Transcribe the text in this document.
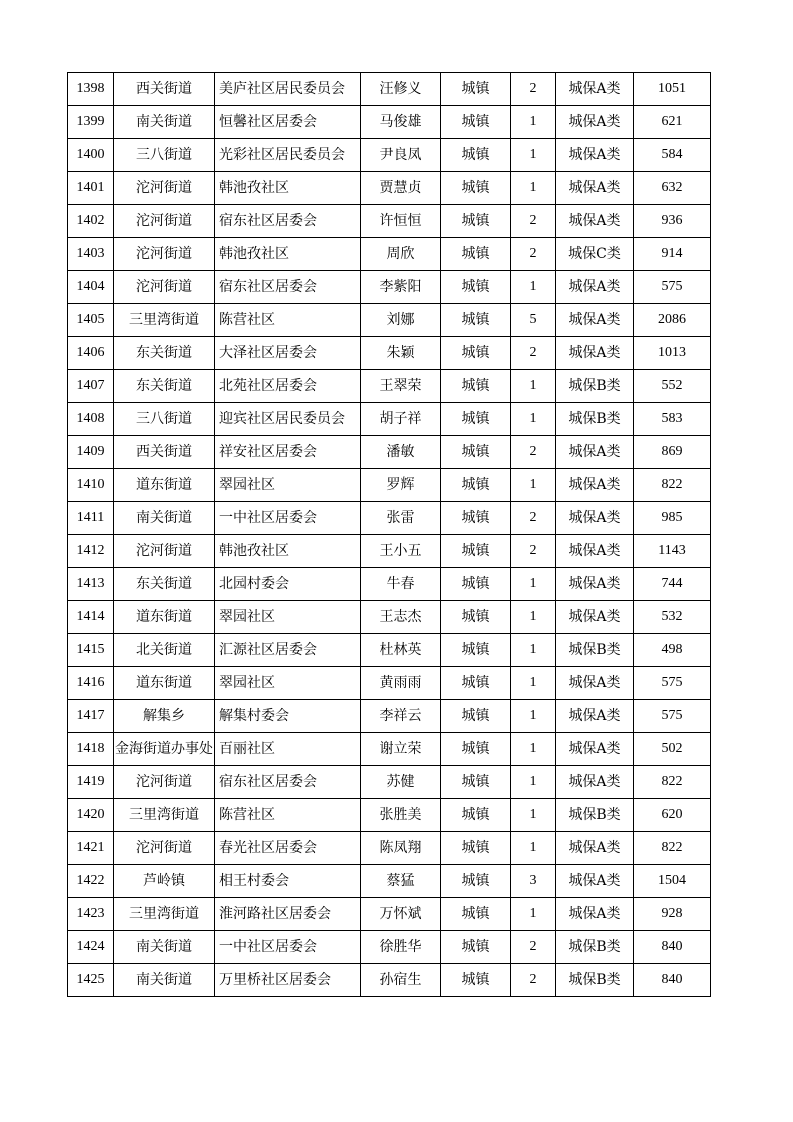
1398	西关街道	美庐社区居民委员会	汪修义	城镇	2	城保A类	1051
1399	南关街道	恒馨社区居委会	马俊雄	城镇	1	城保A类	621
1400	三八街道	光彩社区居民委员会	尹良凤	城镇	1	城保A类	584
1401	沱河街道	韩池孜社区	贾慧贞	城镇	1	城保A类	632
1402	沱河街道	宿东社区居委会	许恒恒	城镇	2	城保A类	936
1403	沱河街道	韩池孜社区	周欣	城镇	2	城保C类	914
1404	沱河街道	宿东社区居委会	李紫阳	城镇	1	城保A类	575
1405	三里湾街道	陈营社区	刘娜	城镇	5	城保A类	2086
1406	东关街道	大泽社区居委会	朱颖	城镇	2	城保A类	1013
1407	东关街道	北苑社区居委会	王翠荣	城镇	1	城保B类	552
1408	三八街道	迎宾社区居民委员会	胡子祥	城镇	1	城保B类	583
1409	西关街道	祥安社区居委会	潘敏	城镇	2	城保A类	869
1410	道东街道	翠园社区	罗辉	城镇	1	城保A类	822
1411	南关街道	一中社区居委会	张雷	城镇	2	城保A类	985
1412	沱河街道	韩池孜社区	王小五	城镇	2	城保A类	1143
1413	东关街道	北园村委会	牛春	城镇	1	城保A类	744
1414	道东街道	翠园社区	王志杰	城镇	1	城保A类	532
1415	北关街道	汇源社区居委会	杜林英	城镇	1	城保B类	498
1416	道东街道	翠园社区	黄雨雨	城镇	1	城保A类	575
1417	解集乡	解集村委会	李祥云	城镇	1	城保A类	575
1418	金海街道办事处	百丽社区	谢立荣	城镇	1	城保A类	502
1419	沱河街道	宿东社区居委会	苏健	城镇	1	城保A类	822
1420	三里湾街道	陈营社区	张胜美	城镇	1	城保B类	620
1421	沱河街道	春光社区居委会	陈凤翔	城镇	1	城保A类	822
1422	芦岭镇	相王村委会	蔡猛	城镇	3	城保A类	1504
1423	三里湾街道	淮河路社区居委会	万怀斌	城镇	1	城保A类	928
1424	南关街道	一中社区居委会	徐胜华	城镇	2	城保B类	840
1425	南关街道	万里桥社区居委会	孙宿生	城镇	2	城保B类	840
